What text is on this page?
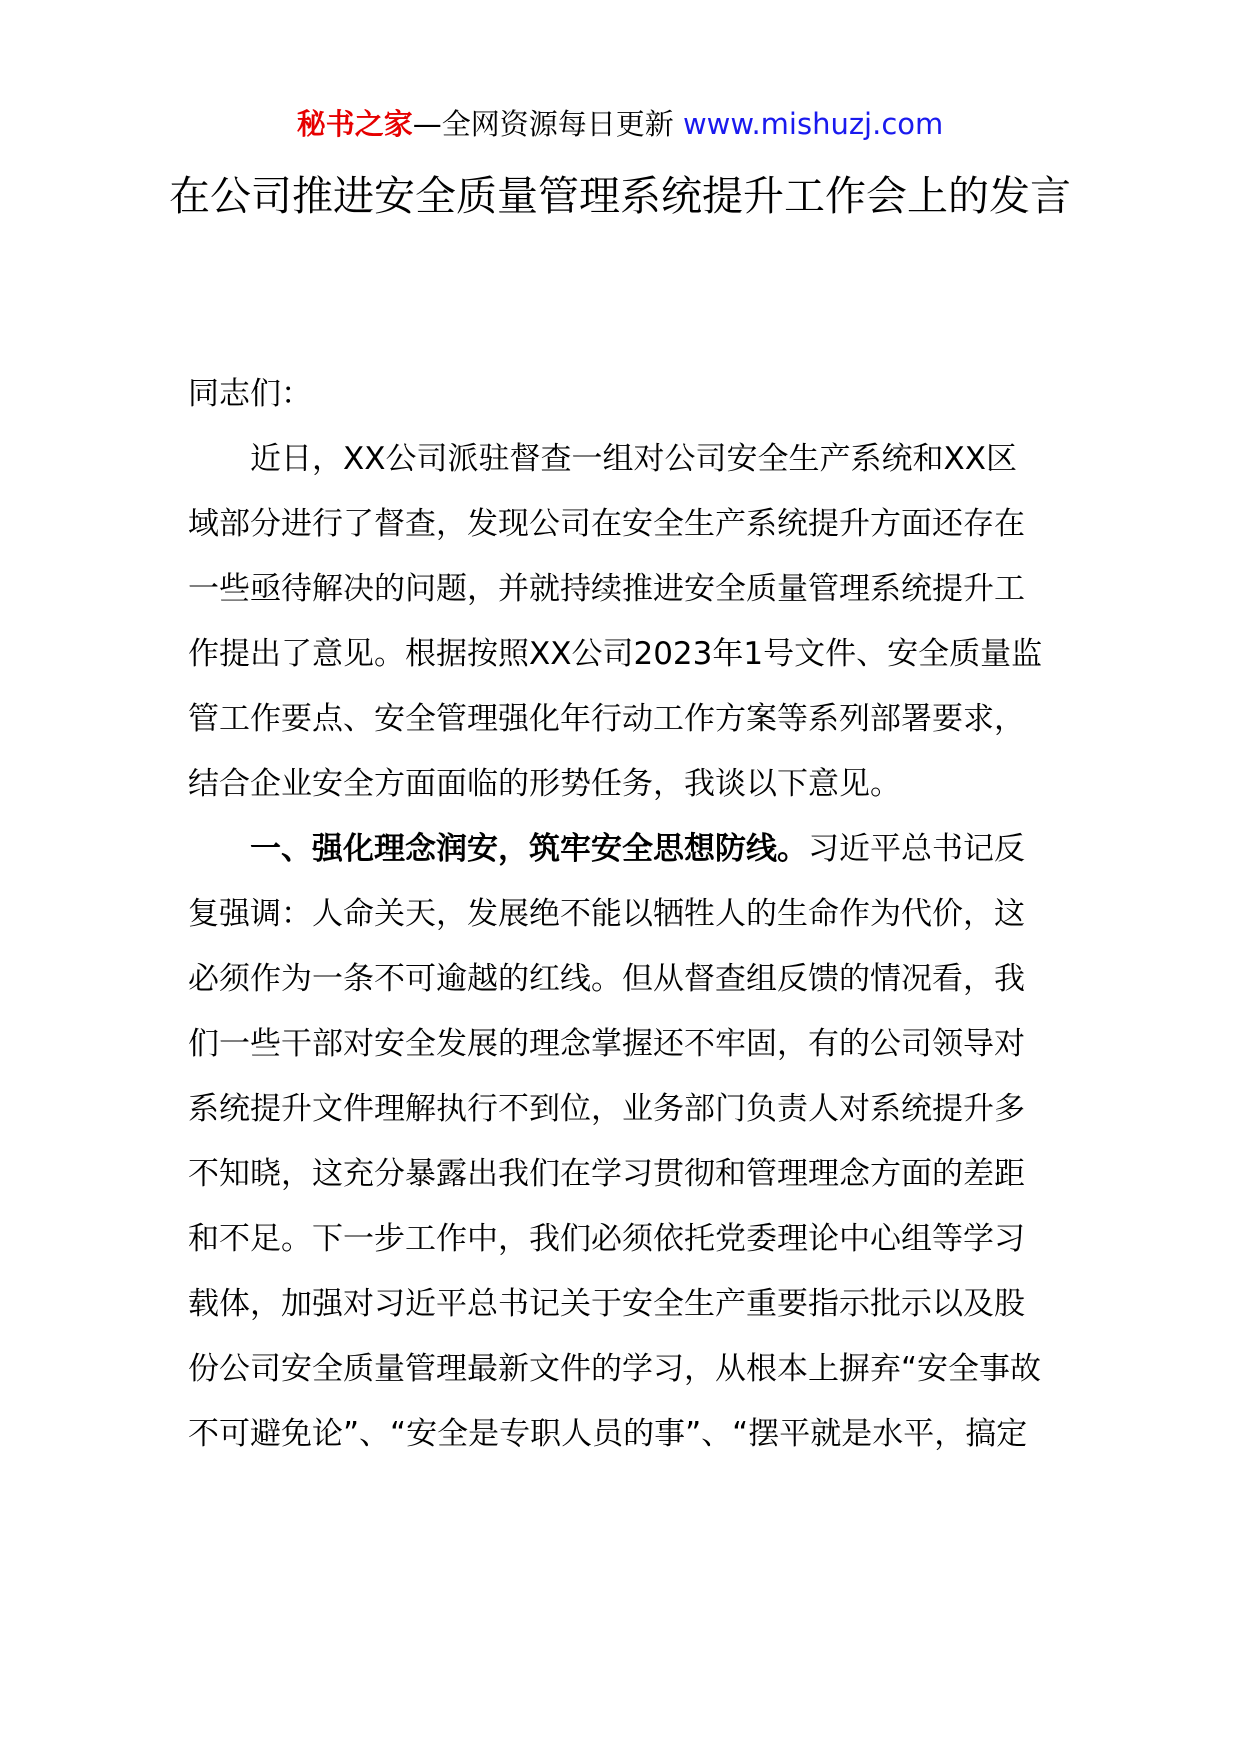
秘书之家—全网资源每日更新 www.mishuzj.com
在公司推进安全质量管理系统提升工作会上的发言

同志们：

近日，XX公司派驻督查一组对公司安全生产系统和XX区域部分进行了督查，发现公司在安全生产系统提升方面还存在一些亟待解决的问题，并就持续推进安全质量管理系统提升工作提出了意见。根据按照XX公司2023年1号文件、安全质量监管工作要点、安全管理强化年行动工作方案等系列部署要求，结合企业安全方面面临的形势任务，我谈以下意见。

一、强化理念润安，筑牢安全思想防线。习近平总书记反复强调：人命关天，发展绝不能以牺牲人的生命作为代价，这必须作为一条不可逾越的红线。但从督查组反馈的情况看，我们一些干部对安全发展的理念掌握还不牢固，有的公司领导对系统提升文件理解执行不到位，业务部门负责人对系统提升多不知晓，这充分暴露出我们在学习贯彻和管理理念方面的差距和不足。下一步工作中，我们必须依托党委理论中心组等学习载体，加强对习近平总书记关于安全生产重要指示批示以及股份公司安全质量管理最新文件的学习，从根本上摒弃“安全事故不可避免论”、“安全是专职人员的事”、“摆平就是水平，搞定
